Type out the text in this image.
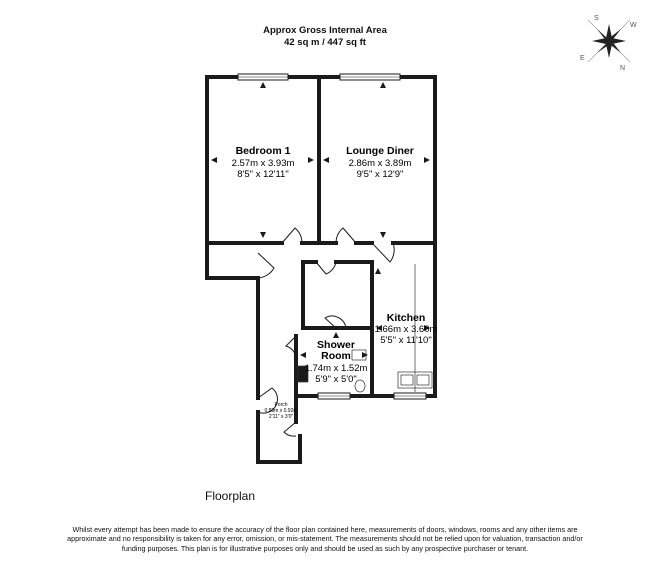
Approx Gross Internal Area
42 sq m / 447 sq ft
S
E
N
W
Bedroom 1
2.57m x 3.93m
8'5" x 12'11"
Lounge Diner
2.86m x 3.89m
9'5" x 12'9"
Kitchen
1.66m x 3.60m
5'5" x 11'10"
Shower
Room
1.74m x 1.52m
5'9" x 5'0"
Porch
0.88m x 0.92m
2'11" x 3'0"
Floorplan
Whilst every attempt has been made to ensure the accuracy of the floor plan contained here, measurements of doors, windows, rooms and any other items are approximate and no responsibility is taken for any error, omission, or mis-statement. The measurements should not be relied upon for valuation, transaction and/or funding purposes. This plan is for illustrative purposes only and should be used as such by any prospective purchaser or tenant.
